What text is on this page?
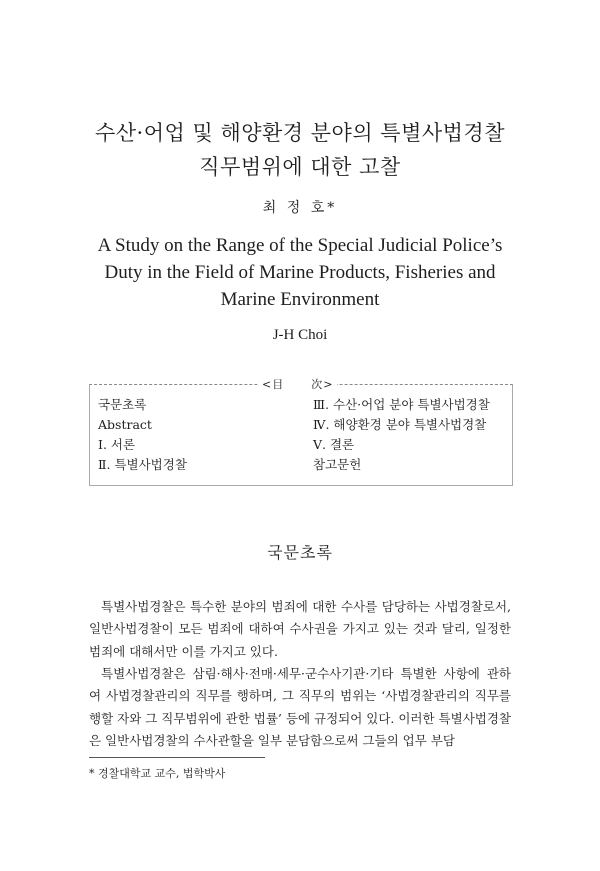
수산·어업 및 해양환경 분야의 특별사법경찰
직무범위에 대한 고찰
최 정 호*
A Study on the Range of the Special Judicial Police’s
Duty in the Field of Marine Products, Fisheries and
Marine Environment
J-H Choi
<目      次>
국문초록
Abstract
Ⅰ. 서론
Ⅱ. 특별사법경찰
Ⅲ. 수산·어업 분야 특별사법경찰
Ⅳ. 해양환경 분야 특별사법경찰
Ⅴ. 결론
참고문헌
국문초록

특별사법경찰은 특수한 분야의 범죄에 대한 수사를 담당하는 사법경찰로서, 일반사법경찰이 모든 범죄에 대하여 수사권을 가지고 있는 것과 달리, 일정한 범죄에 대해서만 이를 가지고 있다.

특별사법경찰은 삼림·해사·전매·세무·군수사기관·기타 특별한 사항에 관하여 사법경찰관리의 직무를 행하며, 그 직무의 범위는 ‘사법경찰관리의 직무를 행할 자와 그 직무범위에 관한 법률’ 등에 규정되어 있다. 이러한 특별사법경찰은 일반사법경찰의 수사관할을 일부 분담함으로써 그들의 업무 부담

* 경찰대학교 교수, 법학박사
